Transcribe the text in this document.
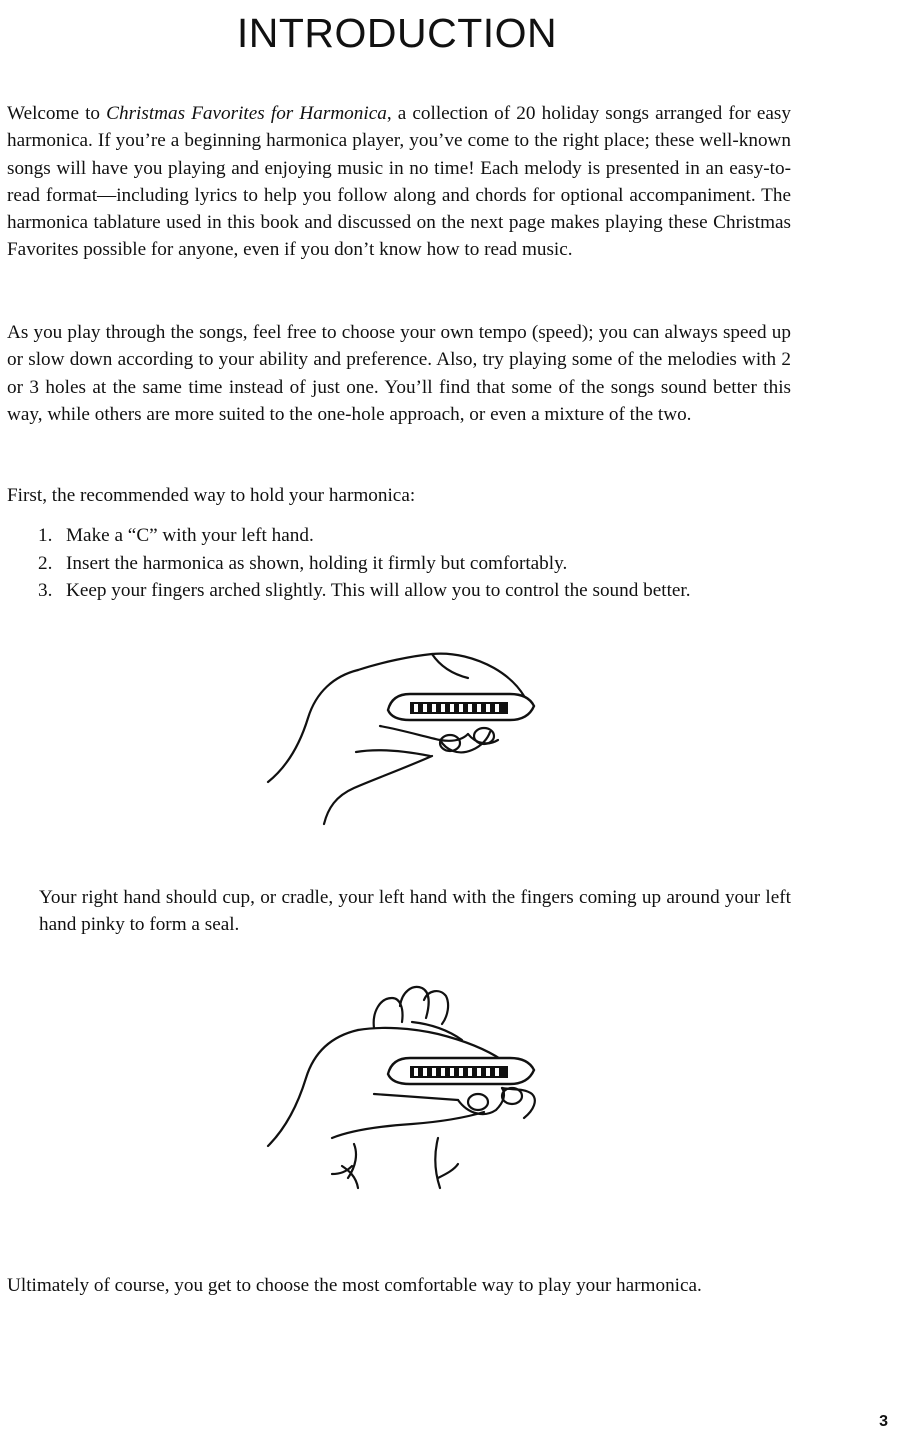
INTRODUCTION

Welcome to Christmas Favorites for Harmonica, a collection of 20 holiday songs arranged for easy harmonica. If you’re a beginning harmonica player, you’ve come to the right place; these well-known songs will have you playing and enjoying music in no time! Each melody is presented in an easy-to-read format—including lyrics to help you follow along and chords for optional accompaniment. The harmonica tablature used in this book and discussed on the next page makes playing these Christmas Favorites possible for anyone, even if you don’t know how to read music.

As you play through the songs, feel free to choose your own tempo (speed); you can always speed up or slow down according to your ability and preference. Also, try playing some of the melodies with 2 or 3 holes at the same time instead of just one. You’ll find that some of the songs sound better this way, while others are more suited to the one-hole approach, or even a mixture of the two.

First, the recommended way to hold your harmonica:

1. Make a “C” with your left hand.
2. Insert the harmonica as shown, holding it firmly but comfortably.
3. Keep your fingers arched slightly. This will allow you to control the sound better.

Your right hand should cup, or cradle, your left hand with the fingers coming up around your left hand pinky to form a seal.

Ultimately of course, you get to choose the most comfortable way to play your harmonica.

3
